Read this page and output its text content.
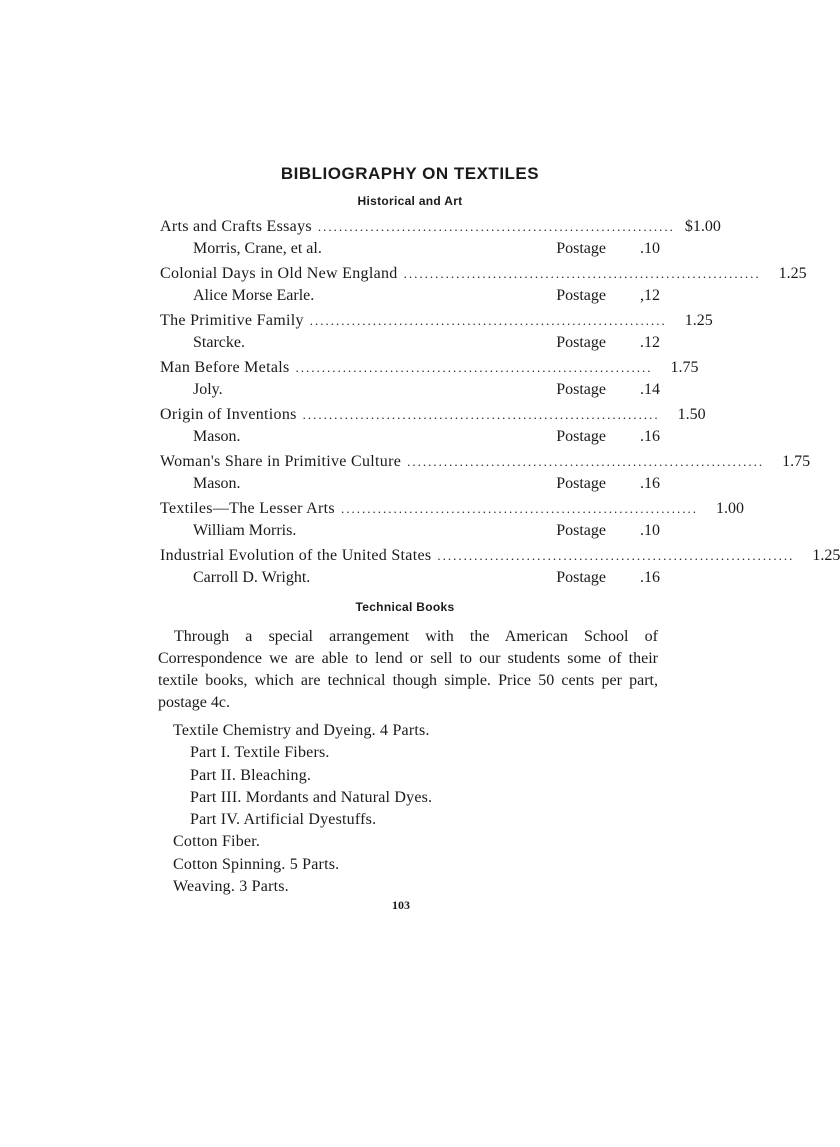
BIBLIOGRAPHY ON TEXTILES
Historical and Art
Arts and Crafts Essays .................................................................... $1.00
Morris, Crane, et al.	Postage	.10
Colonial Days in Old New England ....................................................................	1.25
Alice Morse Earle.	Postage	,12
The Primitive Family ....................................................................	1.25
Starcke.	Postage	.12
Man Before Metals ....................................................................	1.75
Joly.	Postage	.14
Origin of Inventions ....................................................................	1.50
Mason.	Postage	.16
Woman's Share in Primitive Culture ....................................................................	1.75
Mason.	Postage	.16
Textiles—The Lesser Arts ....................................................................	1.00
William Morris.	Postage	.10
Industrial Evolution of the United States ....................................................................	1.25
Carroll D. Wright.	Postage	.16
Technical Books
Through a special arrangement with the American School of Correspondence we are able to lend or sell to our students some of their textile books, which are technical though simple. Price 50 cents per part, postage 4c.
Textile Chemistry and Dyeing. 4 Parts.
Part I. Textile Fibers.
Part II. Bleaching.
Part III. Mordants and Natural Dyes.
Part IV. Artificial Dyestuffs.
Cotton Fiber.
Cotton Spinning. 5 Parts.
Weaving. 3 Parts.
103
